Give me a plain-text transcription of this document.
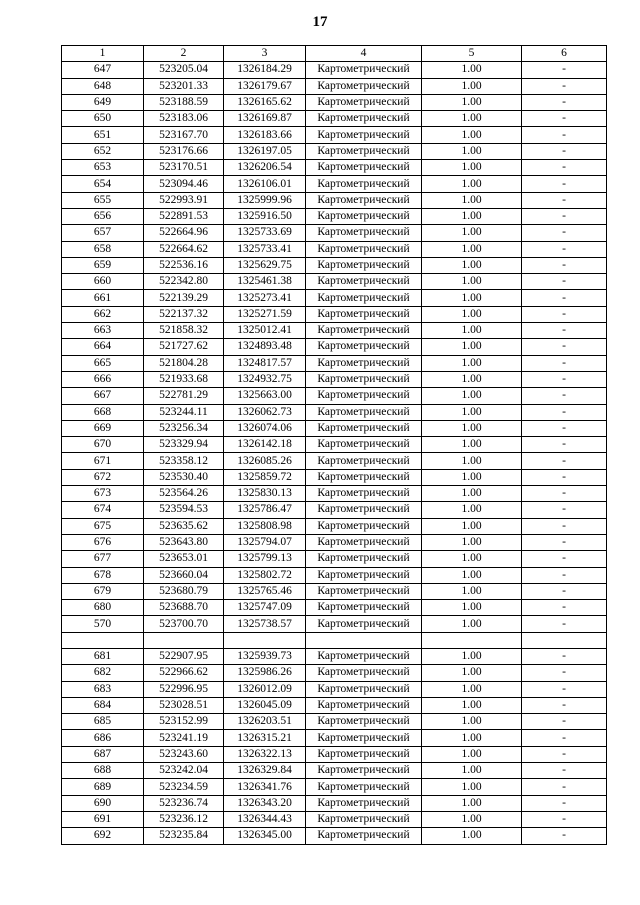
17
1	2	3	4	5	6
647	523205.04	1326184.29	Картометрический	1.00	-
648	523201.33	1326179.67	Картометрический	1.00	-
649	523188.59	1326165.62	Картометрический	1.00	-
650	523183.06	1326169.87	Картометрический	1.00	-
651	523167.70	1326183.66	Картометрический	1.00	-
652	523176.66	1326197.05	Картометрический	1.00	-
653	523170.51	1326206.54	Картометрический	1.00	-
654	523094.46	1326106.01	Картометрический	1.00	-
655	522993.91	1325999.96	Картометрический	1.00	-
656	522891.53	1325916.50	Картометрический	1.00	-
657	522664.96	1325733.69	Картометрический	1.00	-
658	522664.62	1325733.41	Картометрический	1.00	-
659	522536.16	1325629.75	Картометрический	1.00	-
660	522342.80	1325461.38	Картометрический	1.00	-
661	522139.29	1325273.41	Картометрический	1.00	-
662	522137.32	1325271.59	Картометрический	1.00	-
663	521858.32	1325012.41	Картометрический	1.00	-
664	521727.62	1324893.48	Картометрический	1.00	-
665	521804.28	1324817.57	Картометрический	1.00	-
666	521933.68	1324932.75	Картометрический	1.00	-
667	522781.29	1325663.00	Картометрический	1.00	-
668	523244.11	1326062.73	Картометрический	1.00	-
669	523256.34	1326074.06	Картометрический	1.00	-
670	523329.94	1326142.18	Картометрический	1.00	-
671	523358.12	1326085.26	Картометрический	1.00	-
672	523530.40	1325859.72	Картометрический	1.00	-
673	523564.26	1325830.13	Картометрический	1.00	-
674	523594.53	1325786.47	Картометрический	1.00	-
675	523635.62	1325808.98	Картометрический	1.00	-
676	523643.80	1325794.07	Картометрический	1.00	-
677	523653.01	1325799.13	Картометрический	1.00	-
678	523660.04	1325802.72	Картометрический	1.00	-
679	523680.79	1325765.46	Картометрический	1.00	-
680	523688.70	1325747.09	Картометрический	1.00	-
570	523700.70	1325738.57	Картометрический	1.00	-

681	522907.95	1325939.73	Картометрический	1.00	-
682	522966.62	1325986.26	Картометрический	1.00	-
683	522996.95	1326012.09	Картометрический	1.00	-
684	523028.51	1326045.09	Картометрический	1.00	-
685	523152.99	1326203.51	Картометрический	1.00	-
686	523241.19	1326315.21	Картометрический	1.00	-
687	523243.60	1326322.13	Картометрический	1.00	-
688	523242.04	1326329.84	Картометрический	1.00	-
689	523234.59	1326341.76	Картометрический	1.00	-
690	523236.74	1326343.20	Картометрический	1.00	-
691	523236.12	1326344.43	Картометрический	1.00	-
692	523235.84	1326345.00	Картометрический	1.00	-
